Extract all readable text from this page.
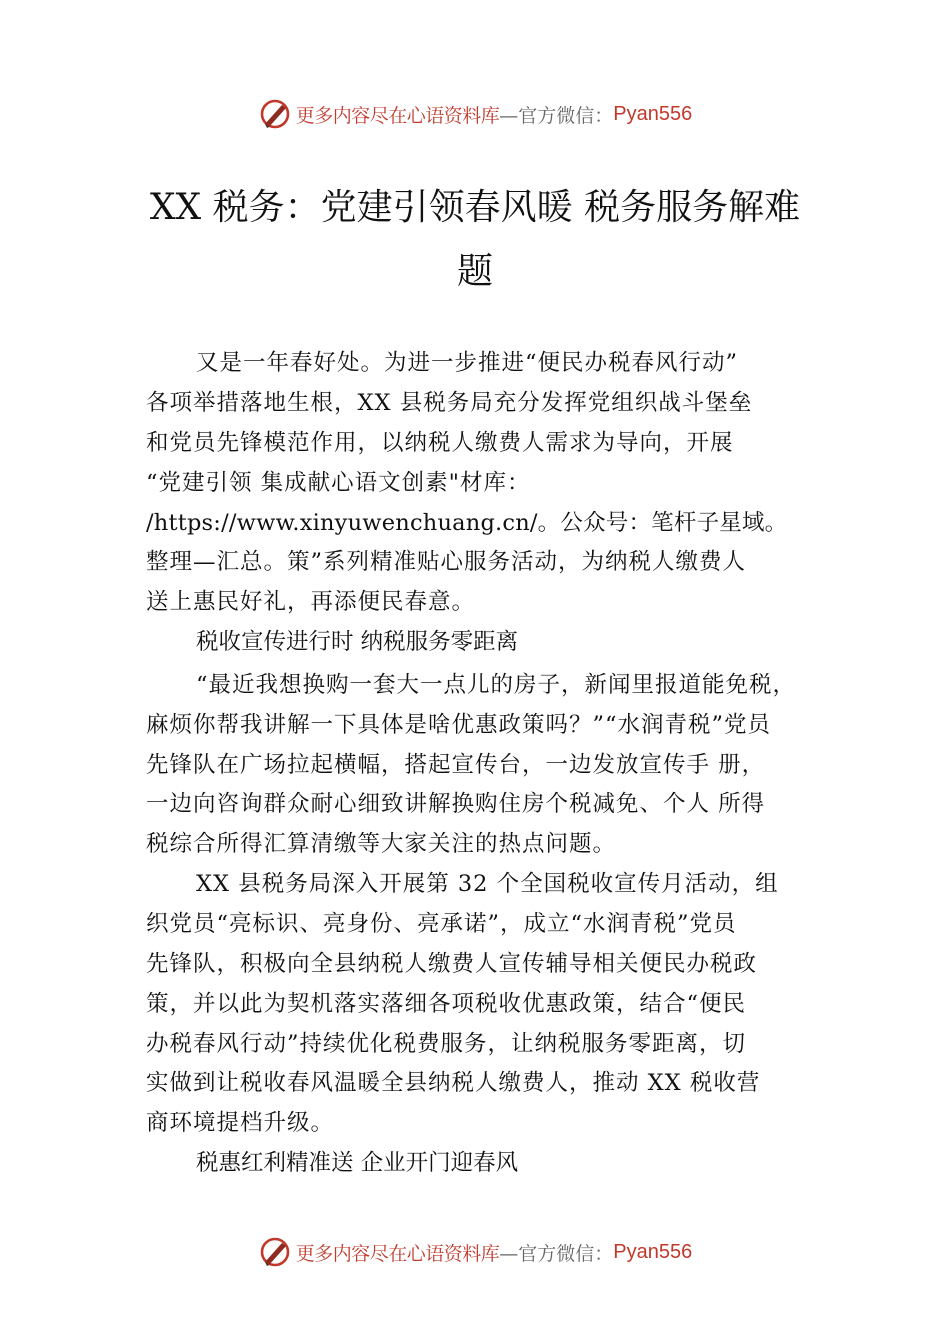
更多内容尽在心语资料库 —官方微信： Pyan556
XX 税务：党建引领春风暖 税务服务解难
题
又是一年春好处。为进一步推进“便民办税春风行动”
各项举措落地生根，XX 县税务局充分发挥党组织战斗堡垒
和党员先锋模范作用，以纳税人缴费人需求为导向，开展
“党建引领 集成献心语文创素"材库：
/https://www.xinyuwenchuang.cn/。公众号：笔杆子星域。
整理—汇总。策”系列精准贴心服务活动，为纳税人缴费人
送上惠民好礼，再添便民春意。
税收宣传进行时 纳税服务零距离
“最近我想换购一套大一点儿的房子，新闻里报道能免税，
麻烦你帮我讲解一下具体是啥优惠政策吗？”“水润青税”党员
先锋队在广场拉起横幅，搭起宣传台，一边发放宣传手 册，
一边向咨询群众耐心细致讲解换购住房个税减免、个人 所得
税综合所得汇算清缴等大家关注的热点问题。
XX 县税务局深入开展第 32 个全国税收宣传月活动，组
织党员“亮标识、亮身份、亮承诺”，成立“水润青税”党员
先锋队，积极向全县纳税人缴费人宣传辅导相关便民办税政
策，并以此为契机落实落细各项税收优惠政策，结合“便民
办税春风行动”持续优化税费服务，让纳税服务零距离，切
实做到让税收春风温暖全县纳税人缴费人，推动 XX 税收营
商环境提档升级。
税惠红利精准送 企业开门迎春风
更多内容尽在心语资料库 —官方微信： Pyan556
